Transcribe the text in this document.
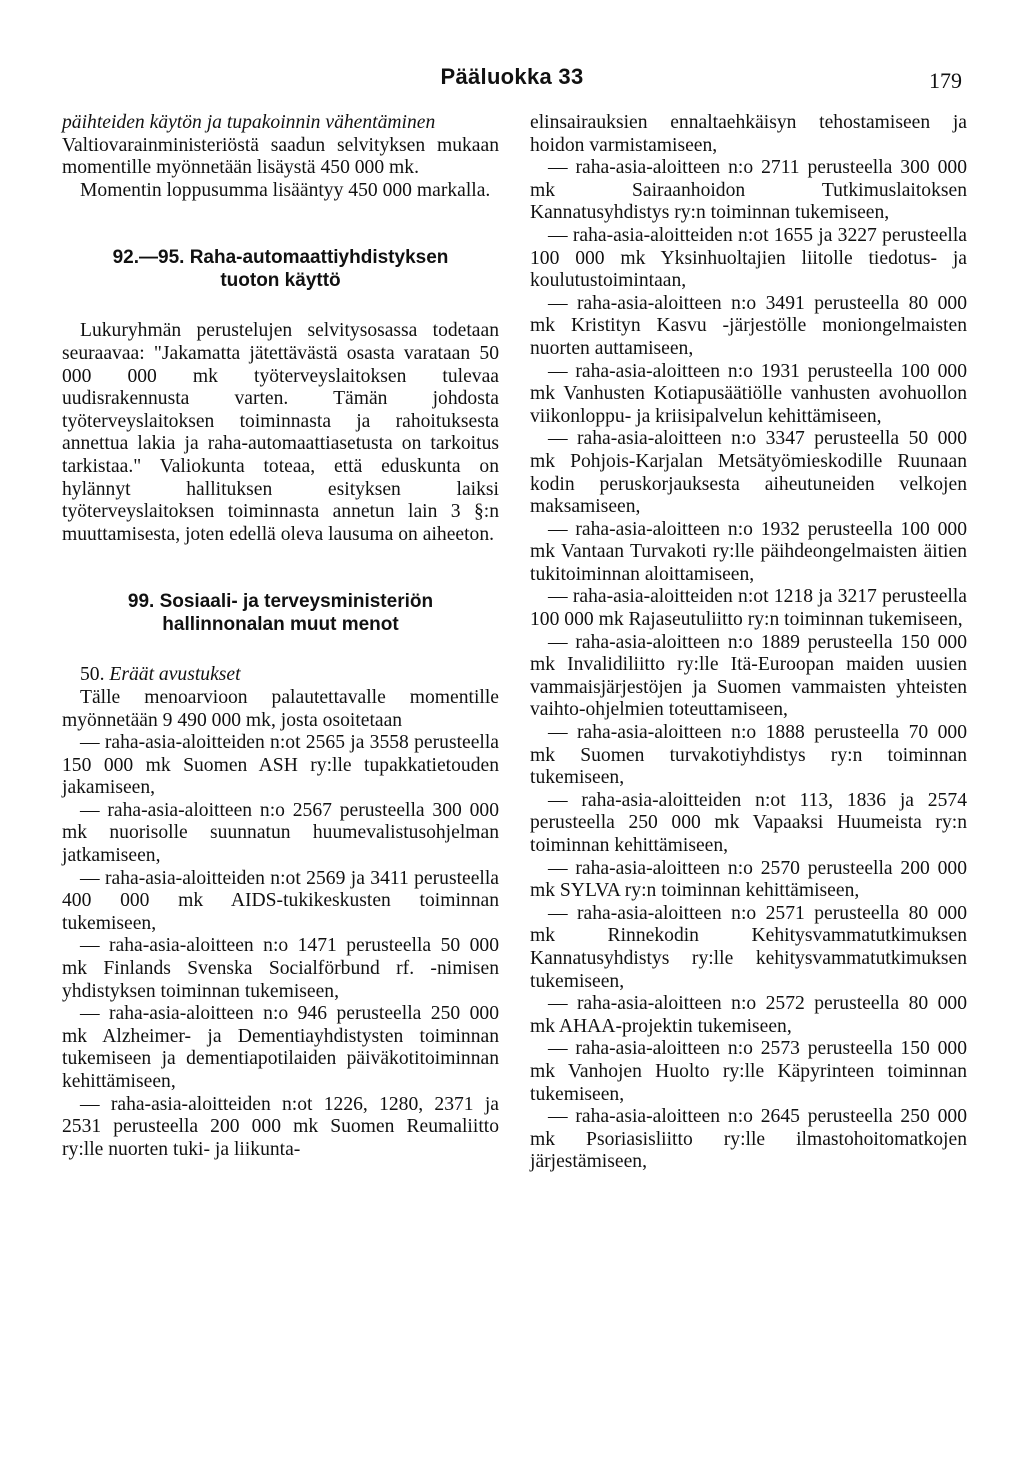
Pääluokka 33	179

päihteiden käytön ja tupakoinnin vähentäminen

Valtiovarainministeriöstä saadun selvityksen mukaan momentille myönnetään lisäystä 450 000 mk.

Momentin loppusumma lisääntyy 450 000 markalla.

92.—95. Raha-automaattiyhdistyksen
tuoton käyttö

Lukuryhmän perustelujen selvitysosassa todetaan seuraavaa: "Jakamatta jätettävästä osasta varataan 50 000 000 mk työterveyslaitoksen tulevaa uudisrakennusta varten. Tämän johdosta työterveyslaitoksen toiminnasta ja rahoituksesta annettua lakia ja raha-automaattiasetusta on tarkoitus tarkistaa." Valiokunta toteaa, että eduskunta on hylännyt hallituksen esityksen laiksi työterveyslaitoksen toiminnasta annetun lain 3 §:n muuttamisesta, joten edellä oleva lausuma on aiheeton.

99. Sosiaali- ja terveysministeriön
hallinnonalan muut menot

50. Eräät avustukset

Tälle menoarvioon palautettavalle momentille myönnetään 9 490 000 mk, josta osoitetaan

— raha-asia-aloitteiden n:ot 2565 ja 3558 perusteella 150 000 mk Suomen ASH ry:lle tupakkatietouden jakamiseen,

— raha-asia-aloitteen n:o 2567 perusteella 300 000 mk nuorisolle suunnatun huumevalistusohjelman jatkamiseen,

— raha-asia-aloitteiden n:ot 2569 ja 3411 perusteella 400 000 mk AIDS-tukikeskusten toiminnan tukemiseen,

— raha-asia-aloitteen n:o 1471 perusteella 50 000 mk Finlands Svenska Socialförbund rf. -nimisen yhdistyksen toiminnan tukemiseen,

— raha-asia-aloitteen n:o 946 perusteella 250 000 mk Alzheimer- ja Dementiayhdistysten toiminnan tukemiseen ja dementiapotilaiden päiväkotitoiminnan kehittämiseen,

— raha-asia-aloitteiden n:ot 1226, 1280, 2371 ja 2531 perusteella 200 000 mk Suomen Reumaliitto ry:lle nuorten tuki- ja liikunta-

elinsairauksien ennaltaehkäisyn tehostamiseen ja hoidon varmistamiseen,

— raha-asia-aloitteen n:o 2711 perusteella 300 000 mk Sairaanhoidon Tutkimuslaitoksen Kannatusyhdistys ry:n toiminnan tukemiseen,

— raha-asia-aloitteiden n:ot 1655 ja 3227 perusteella 100 000 mk Yksinhuoltajien liitolle tiedotus- ja koulutustoimintaan,

— raha-asia-aloitteen n:o 3491 perusteella 80 000 mk Kristityn Kasvu -järjestölle moniongelmaisten nuorten auttamiseen,

— raha-asia-aloitteen n:o 1931 perusteella 100 000 mk Vanhusten Kotiapusäätiölle vanhusten avohuollon viikonloppu- ja kriisipalvelun kehittämiseen,

— raha-asia-aloitteen n:o 3347 perusteella 50 000 mk Pohjois-Karjalan Metsätyömieskodille Ruunaan kodin peruskorjauksesta aiheutuneiden velkojen maksamiseen,

— raha-asia-aloitteen n:o 1932 perusteella 100 000 mk Vantaan Turvakoti ry:lle päihdeongelmaisten äitien tukitoiminnan aloittamiseen,

— raha-asia-aloitteiden n:ot 1218 ja 3217 perusteella 100 000 mk Rajaseutuliitto ry:n toiminnan tukemiseen,

— raha-asia-aloitteen n:o 1889 perusteella 150 000 mk Invalidiliitto ry:lle Itä-Euroopan maiden uusien vammaisjärjestöjen ja Suomen vammaisten yhteisten vaihto-ohjelmien toteuttamiseen,

— raha-asia-aloitteen n:o 1888 perusteella 70 000 mk Suomen turvakotiyhdistys ry:n toiminnan tukemiseen,

— raha-asia-aloitteiden n:ot 113, 1836 ja 2574 perusteella 250 000 mk Vapaaksi Huumeista ry:n toiminnan kehittämiseen,

— raha-asia-aloitteen n:o 2570 perusteella 200 000 mk SYLVA ry:n toiminnan kehittämiseen,

— raha-asia-aloitteen n:o 2571 perusteella 80 000 mk Rinnekodin Kehitysvammatutkimuksen Kannatusyhdistys ry:lle kehitysvammatutkimuksen tukemiseen,

— raha-asia-aloitteen n:o 2572 perusteella 80 000 mk AHAA-projektin tukemiseen,

— raha-asia-aloitteen n:o 2573 perusteella 150 000 mk Vanhojen Huolto ry:lle Käpyrinteen toiminnan tukemiseen,

— raha-asia-aloitteen n:o 2645 perusteella 250 000 mk Psoriasisliitto ry:lle ilmastohoitomatkojen järjestämiseen,
